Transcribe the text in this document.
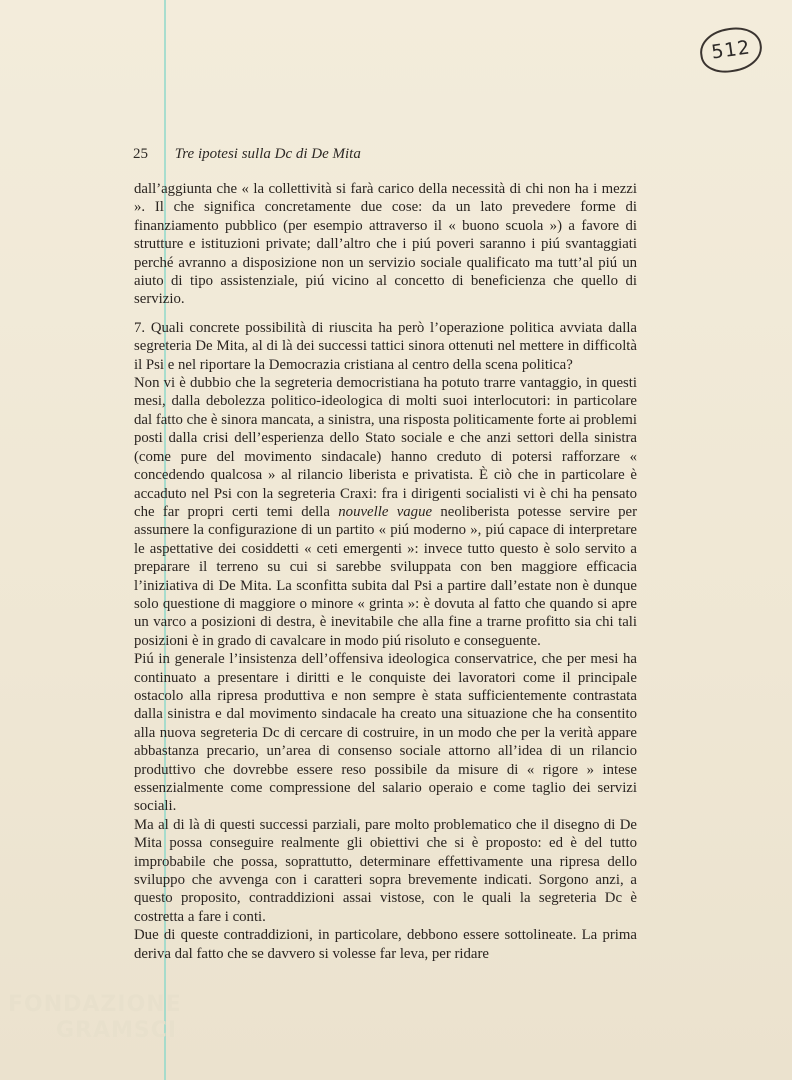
512
25 Tre ipotesi sulla Dc di De Mita

dall’aggiunta che « la collettività si farà carico della necessità di chi non ha i mezzi ». Il che significa concretamente due cose: da un lato prevedere forme di finanziamento pubblico (per esempio attraverso il « buono scuola ») a favore di strutture e istituzioni private; dall’altro che i piú poveri saranno i piú svantaggiati perché avranno a disposizione non un servizio sociale qualificato ma tutt’al piú un aiuto di tipo assistenziale, piú vicino al concetto di beneficienza che quello di servizio.

7. Quali concrete possibilità di riuscita ha però l’operazione politica avviata dalla segreteria De Mita, al di là dei successi tattici sinora ottenuti nel mettere in difficoltà il Psi e nel riportare la Democrazia cristiana al centro della scena politica?

Non vi è dubbio che la segreteria democristiana ha potuto trarre vantaggio, in questi mesi, dalla debolezza politico-ideologica di molti suoi interlocutori: in particolare dal fatto che è sinora mancata, a sinistra, una risposta politicamente forte ai problemi posti dalla crisi dell’esperienza dello Stato sociale e che anzi settori della sinistra (come pure del movimento sindacale) hanno creduto di potersi rafforzare « concedendo qualcosa » al rilancio liberista e privatista. È ciò che in particolare è accaduto nel Psi con la segreteria Craxi: fra i dirigenti socialisti vi è chi ha pensato che far propri certi temi della nouvelle vague neoliberista potesse servire per assumere la configurazione di un partito « piú moderno », piú capace di interpretare le aspettative dei cosiddetti « ceti emergenti »: invece tutto questo è solo servito a preparare il terreno su cui si sarebbe sviluppata con ben maggiore efficacia l’iniziativa di De Mita. La sconfitta subita dal Psi a partire dall’estate non è dunque solo questione di maggiore o minore « grinta »: è dovuta al fatto che quando si apre un varco a posizioni di destra, è inevitabile che alla fine a trarne profitto sia chi tali posizioni è in grado di cavalcare in modo piú risoluto e conseguente.

Piú in generale l’insistenza dell’offensiva ideologica conservatrice, che per mesi ha continuato a presentare i diritti e le conquiste dei lavoratori come il principale ostacolo alla ripresa produttiva e non sempre è stata sufficientemente contrastata dalla sinistra e dal movimento sindacale ha creato una situazione che ha consentito alla nuova segreteria Dc di cercare di costruire, in un modo che per la verità appare abbastanza precario, un’area di consenso sociale attorno all’idea di un rilancio produttivo che dovrebbe essere reso possibile da misure di « rigore » intese essenzialmente come compressione del salario operaio e come taglio dei servizi sociali.

Ma al di là di questi successi parziali, pare molto problematico che il disegno di De Mita possa conseguire realmente gli obiettivi che si è proposto: ed è del tutto improbabile che possa, soprattutto, determinare effettivamente una ripresa dello sviluppo che avvenga con i caratteri sopra brevemente indicati. Sorgono anzi, a questo proposito, contraddizioni assai vistose, con le quali la segreteria Dc è costretta a fare i conti.

Due di queste contraddizioni, in particolare, debbono essere sottolineate. La prima deriva dal fatto che se davvero si volesse far leva, per ridare

FONDAZIONE
GRAMSCI
